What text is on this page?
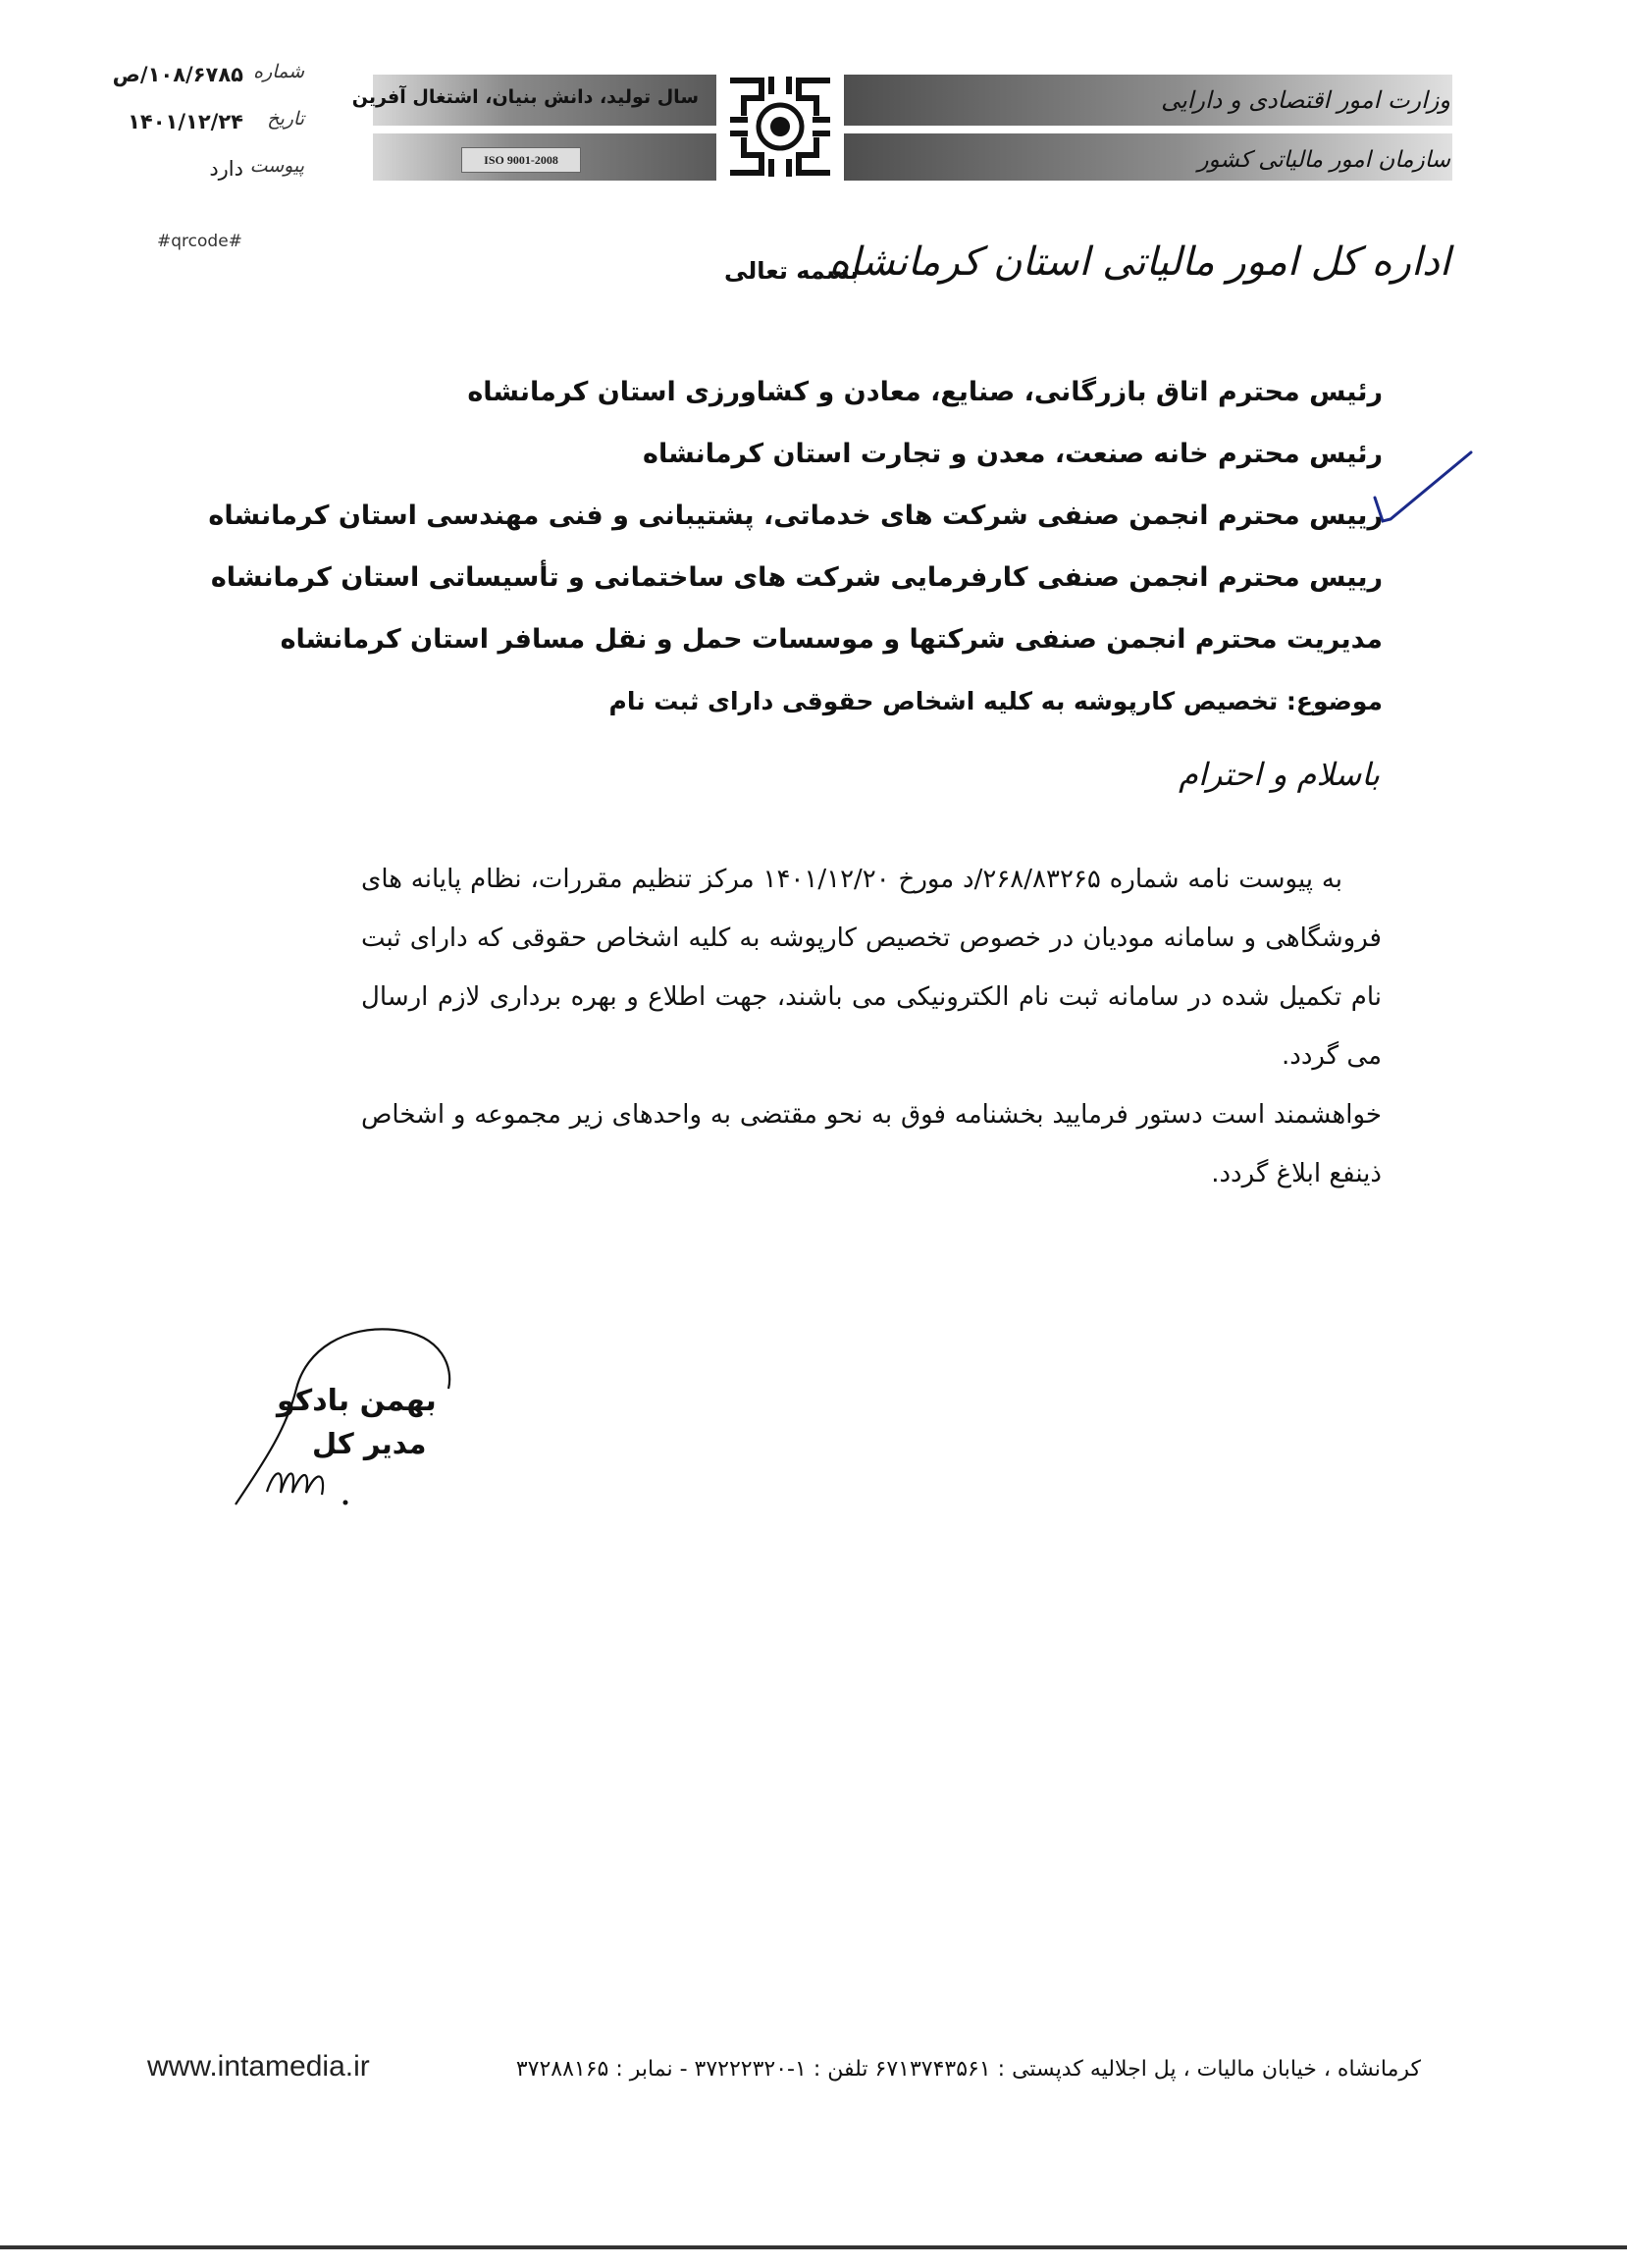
شماره
۱۰۸/۶۷۸۵/ص
تاریخ
۱۴۰۱/۱۲/۲۴
پیوست
دارد
#qrcode#
سال تولید، دانش بنیان، اشتغال آفرین
ISO 9001-2008
وزارت امور اقتصادی و دارایی
سازمان امور مالیاتی کشور
اداره کل امور مالیاتی استان کرمانشاه
بسمه تعالی
رئیس محترم اتاق بازرگانی، صنایع، معادن و کشاورزی استان کرمانشاه
رئیس محترم خانه صنعت، معدن و تجارت استان کرمانشاه
رییس محترم انجمن صنفی شرکت های خدماتی، پشتیبانی و فنی مهندسی استان کرمانشاه
رییس محترم انجمن صنفی کارفرمایی شرکت های ساختمانی و تأسیساتی استان کرمانشاه
مدیریت محترم انجمن صنفی شرکتها و موسسات حمل و نقل مسافر استان کرمانشاه
موضوع: تخصیص کارپوشه به کلیه اشخاص حقوقی دارای ثبت نام
باسلام و احترام

به پیوست نامه شماره ۲۶۸/۸۳۲۶۵/د مورخ ۱۴۰۱/۱۲/۲۰ مرکز تنظیم مقررات، نظام پایانه های فروشگاهی و سامانه مودیان در خصوص تخصیص کارپوشه به کلیه اشخاص حقوقی که دارای ثبت نام تکمیل شده در سامانه ثبت نام الکترونیکی می باشند، جهت اطلاع و بهره برداری لازم ارسال می گردد.

خواهشمند است دستور فرمایید بخشنامه فوق به نحو مقتضی به واحدهای زیر مجموعه و اشخاص ذینفع ابلاغ گردد.

بهمن بادکو
مدیر کل
کرمانشاه ، خیابان مالیات ، پل اجلالیه کدپستی : ۶۷۱۳۷۴۳۵۶۱ تلفن : ۱-۳۷۲۲۲۳۲۰ - نمابر : ۳۷۲۸۸۱۶۵
www.intamedia.ir
